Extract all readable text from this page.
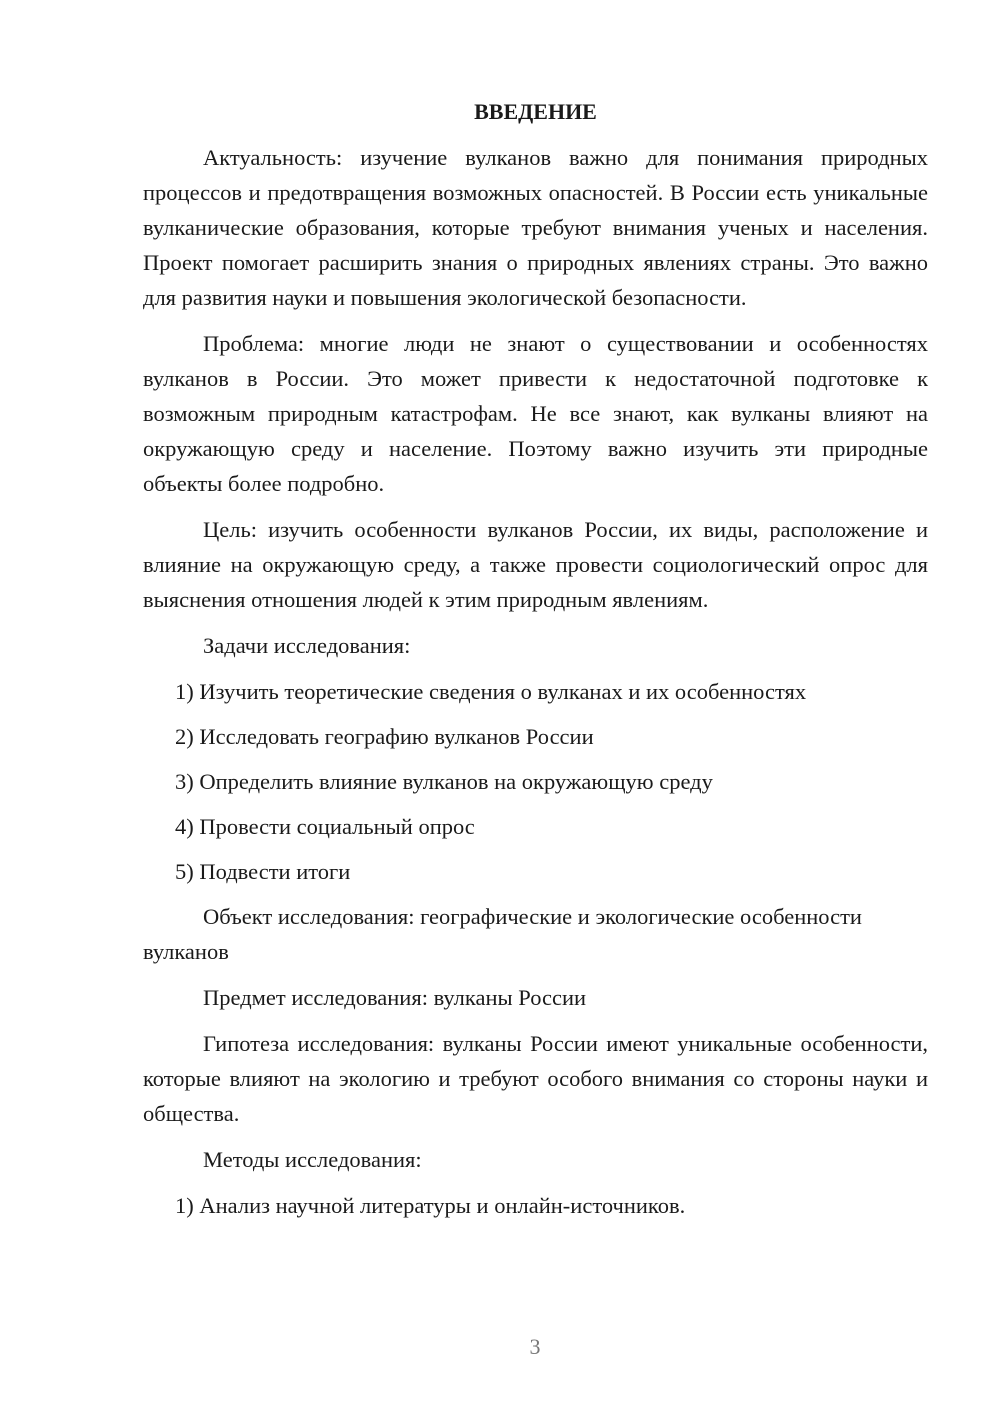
ВВЕДЕНИЕ

Актуальность: изучение вулканов важно для понимания природных процессов и предотвращения возможных опасностей. В России есть уникальные вулканические образования, которые требуют внимания ученых и населения. Проект помогает расширить знания о природных явлениях страны. Это важно для развития науки и повышения экологической безопасности.

Проблема: многие люди не знают о существовании и особенностях вулканов в России. Это может привести к недостаточной подготовке к возможным природным катастрофам. Не все знают, как вулканы влияют на окружающую среду и население. Поэтому важно изучить эти природные объекты более подробно.

Цель: изучить особенности вулканов России, их виды, расположение и влияние на окружающую среду, а также провести социологический опрос для выяснения отношения людей к этим природным явлениям.

Задачи исследования:

1) Изучить теоретические сведения о вулканах и их особенностях
2) Исследовать географию вулканов России
3) Определить влияние вулканов на окружающую среду
4) Провести социальный опрос
5) Подвести итоги

Объект исследования: географические и экологические особенности вулканов

Предмет исследования: вулканы России

Гипотеза исследования: вулканы России имеют уникальные особенности, которые влияют на экологию и требуют особого внимания со стороны науки и общества.

Методы исследования:

1) Анализ научной литературы и онлайн-источников.
3
